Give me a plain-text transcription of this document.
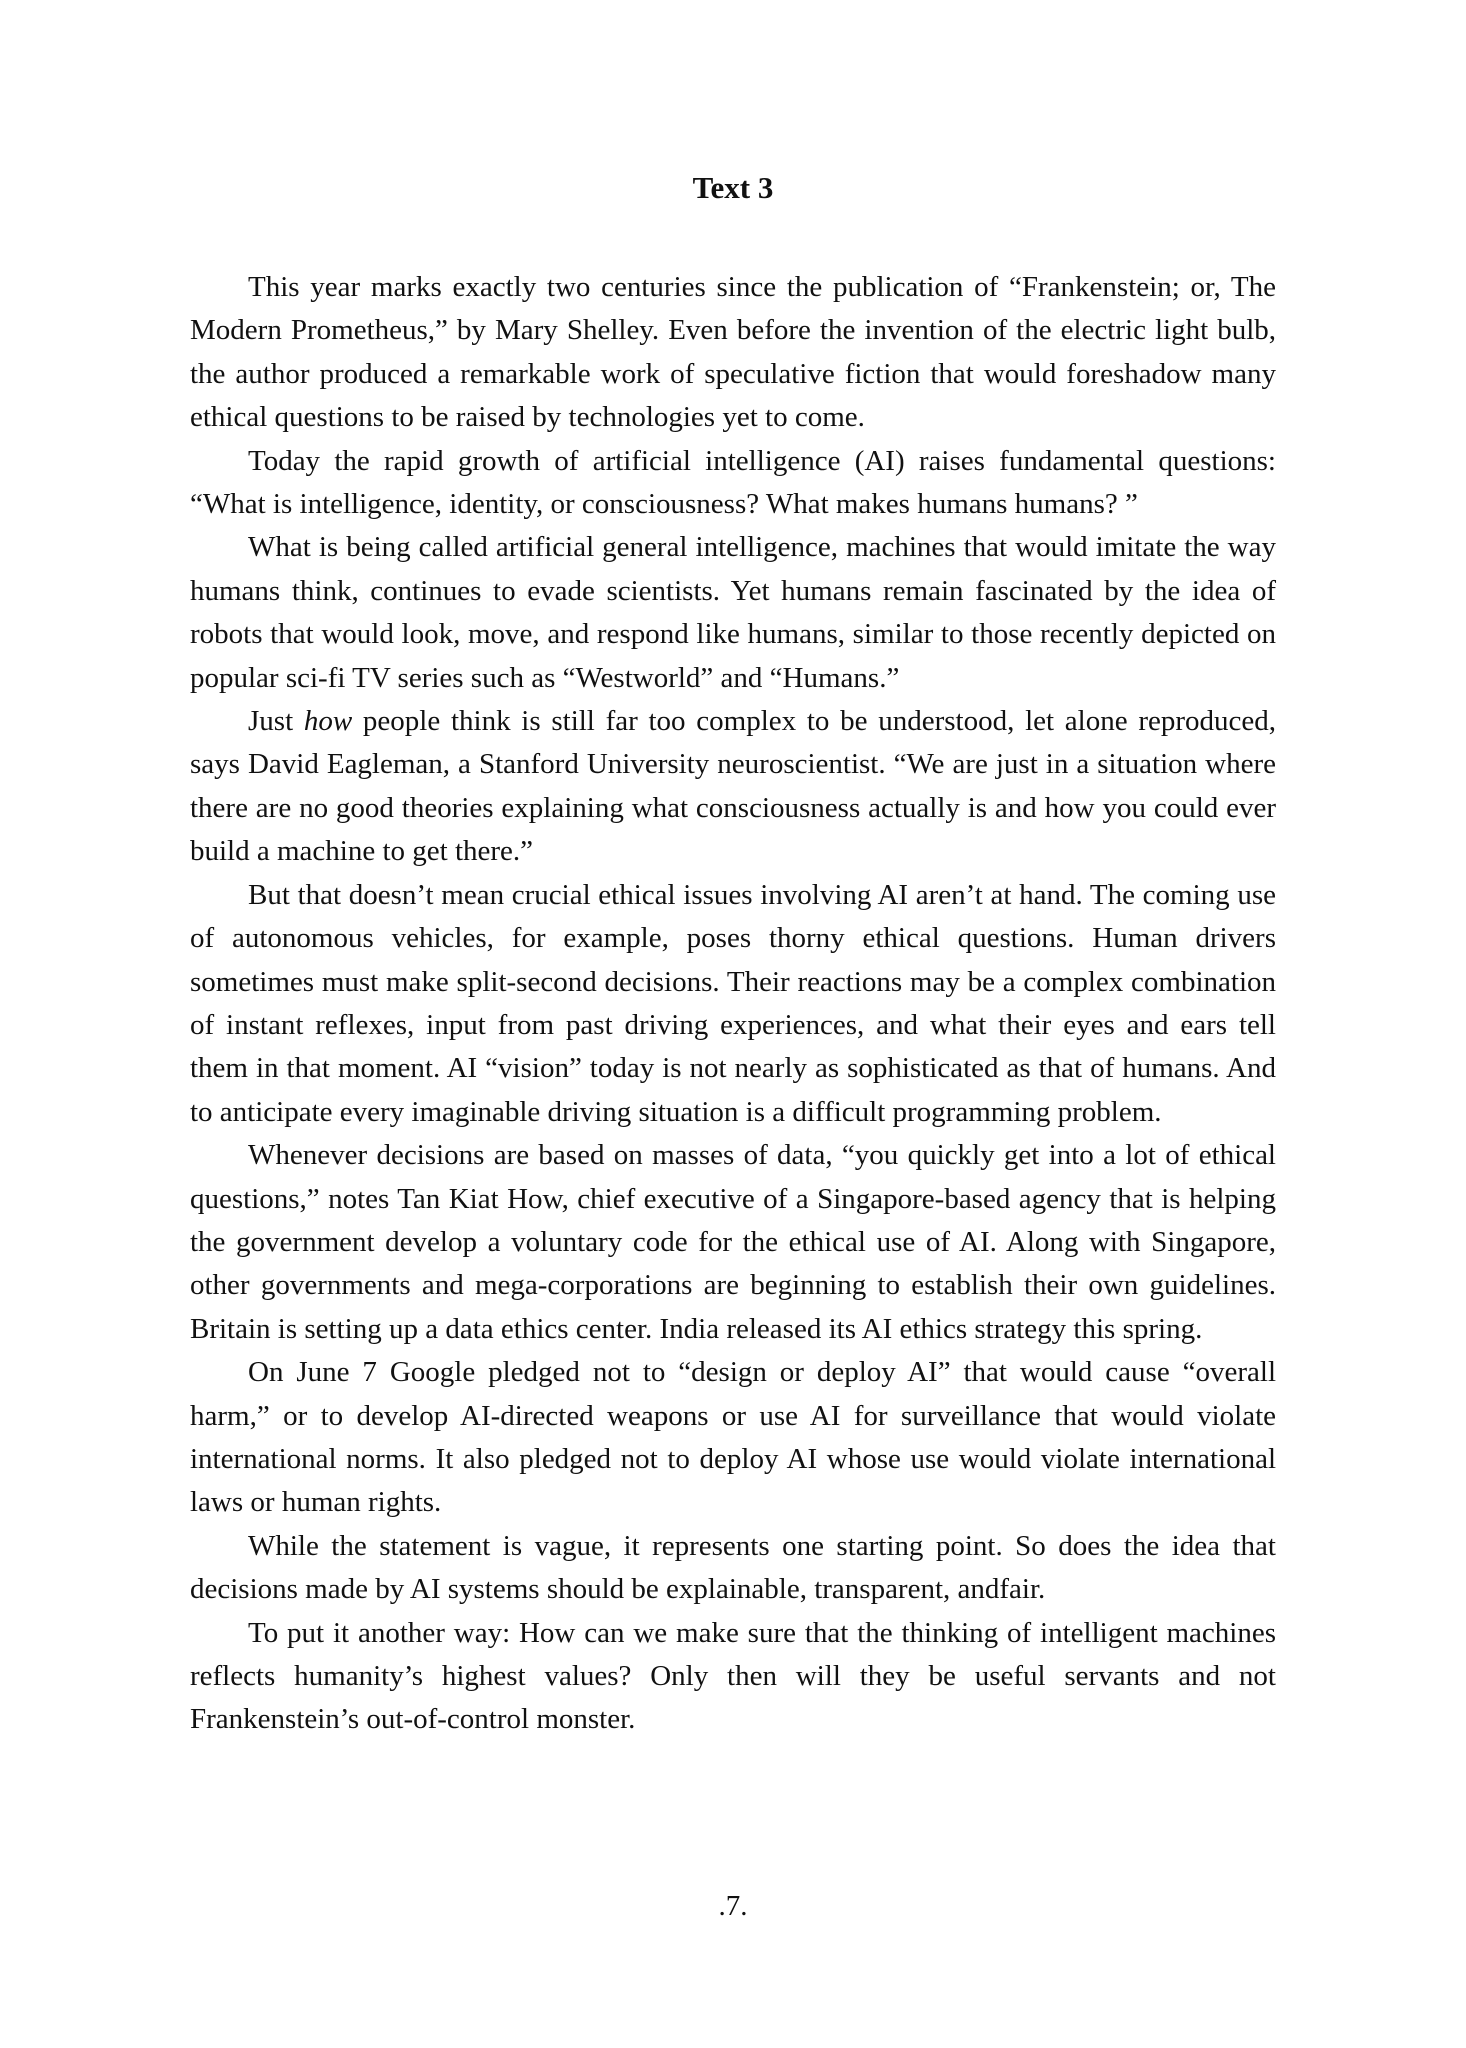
Text 3

This year marks exactly two centuries since the publication of “Frankenstein; or, The Modern Prometheus,” by Mary Shelley. Even before the invention of the electric light bulb, the author produced a remarkable work of speculative fiction that would foreshadow many ethical questions to be raised by technologies yet to come.

Today the rapid growth of artificial intelligence (AI) raises fundamental questions: “What is intelligence, identity, or consciousness? What makes humans humans? ”

What is being called artificial general intelligence, machines that would imitate the way humans think, continues to evade scientists. Yet humans remain fascinated by the idea of robots that would look, move, and respond like humans, similar to those recently depicted on popular sci-fi TV series such as “Westworld” and “Humans.”

Just how people think is still far too complex to be understood, let alone reproduced, says David Eagleman, a Stanford University neuroscientist. “We are just in a situation where there are no good theories explaining what consciousness actually is and how you could ever build a machine to get there.”

But that doesn’t mean crucial ethical issues involving AI aren’t at hand. The coming use of autonomous vehicles, for example, poses thorny ethical questions. Human drivers sometimes must make split-second decisions. Their reactions may be a complex combination of instant reflexes, input from past driving experiences, and what their eyes and ears tell them in that moment. AI “vision” today is not nearly as sophisticated as that of humans. And to anticipate every imaginable driving situation is a difficult programming problem.

Whenever decisions are based on masses of data, “you quickly get into a lot of ethical questions,” notes Tan Kiat How, chief executive of a Singapore-based agency that is helping the government develop a voluntary code for the ethical use of AI. Along with Singapore, other governments and mega-corporations are beginning to establish their own guidelines. Britain is setting up a data ethics center. India released its AI ethics strategy this spring.

On June 7 Google pledged not to “design or deploy AI” that would cause “overall harm,” or to develop AI-directed weapons or use AI for surveillance that would violate international norms. It also pledged not to deploy AI whose use would violate international laws or human rights.

While the statement is vague, it represents one starting point. So does the idea that decisions made by AI systems should be explainable, transparent, andfair.

To put it another way: How can we make sure that the thinking of intelligent machines reflects humanity’s highest values? Only then will they be useful servants and not Frankenstein’s out-of-control monster.

.7.
